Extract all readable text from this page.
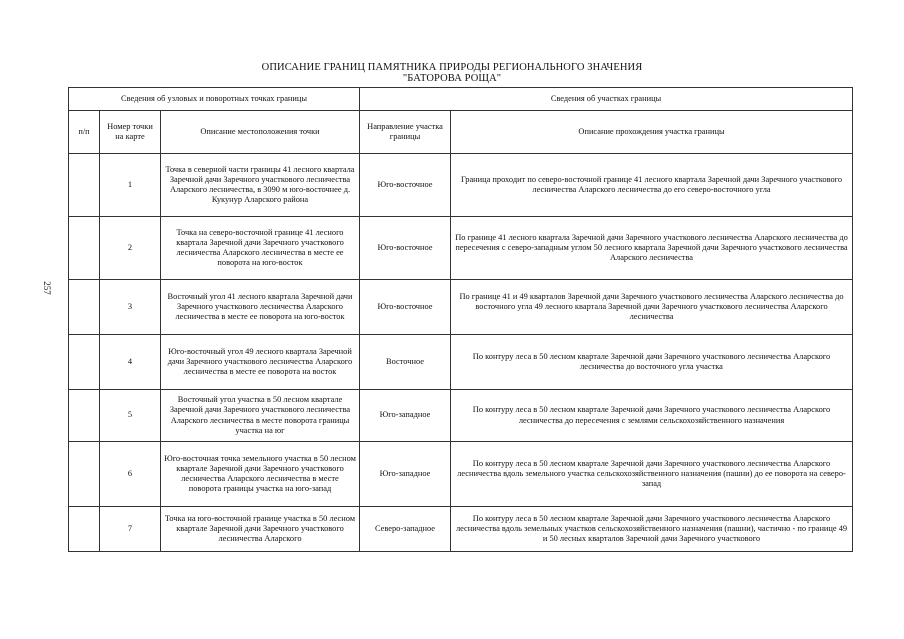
257
ОПИСАНИЕ ГРАНИЦ ПАМЯТНИКА ПРИРОДЫ РЕГИОНАЛЬНОГО ЗНАЧЕНИЯ
"БАТОРОВА РОЩА"
Сведения об узловых и поворотных точках границы			Сведения об участках границы	
п/п	Номер точки на карте	Описание местоположения точки	Направление участка границы	Описание прохождения участка границы
	1	Точка в северной части границы 41 лесного квартала Заречной дачи Заречного участкового лесничества Аларского лесничества, в 3090 м юго-восточнее д. Кукунур Аларского района	Юго-восточное	Граница проходит по северо-восточной границе 41 лесного квартала Заречной дачи Заречного участкового лесничества Аларского лесничества до его северо-восточного угла
	2	Точка на северо-восточной границе 41 лесного квартала Заречной дачи Заречного участкового лесничества Аларского лесничества в месте ее поворота на юго-восток	Юго-восточное	По границе 41 лесного квартала Заречной дачи Заречного участкового лесничества Аларского лесничества до пересечения с северо-западным углом 50 лесного квартала Заречной дачи Заречного участкового лесничества Аларского лесничества
	3	Восточный угол 41 лесного квартала Заречной дачи Заречного участкового лесничества Аларского лесничества в месте ее поворота на юго-восток	Юго-восточное	По границе 41 и 49 кварталов Заречной дачи Заречного участкового лесничества Аларского лесничества до восточного угла 49 лесного квартала Заречной дачи Заречного участкового лесничества Аларского лесничества
	4	Юго-восточный угол 49 лесного квартала Заречной дачи Заречного участкового лесничества Аларского лесничества в месте ее поворота на восток	Восточное	По контуру леса в 50 лесном квартале Заречной дачи Заречного участкового лесничества Аларского лесничества до восточного угла участка
	5	Восточный угол участка в 50 лесном квартале Заречной дачи Заречного участкового лесничества Аларского лесничества в месте поворота границы участка на юг	Юго-западное	По контуру леса в 50 лесном квартале Заречной дачи Заречного участкового лесничества Аларского лесничества до пересечения с землями сельскохозяйственного назначения
	6	Юго-восточная точка земельного участка в 50 лесном квартале Заречной дачи Заречного участкового лесничества Аларского лесничества в месте поворота границы участка на юго-запад	Юго-западное	По контуру леса в 50 лесном квартале Заречной дачи Заречного участкового лесничества Аларского лесничества вдоль земельного участка сельскохозяйственного назначения (пашни) до ее поворота на северо-запад
	7	Точка на юго-восточной границе участка в 50 лесном квартале Заречной дачи Заречного участкового лесничества Аларского	Северо-западное	По контуру леса в 50 лесном квартале Заречной дачи Заречного участкового лесничества Аларского лесничества вдоль земельных участков сельскохозяйственного назначения (пашни), частично - по границе 49 и 50 лесных кварталов Заречной дачи Заречного участкового
